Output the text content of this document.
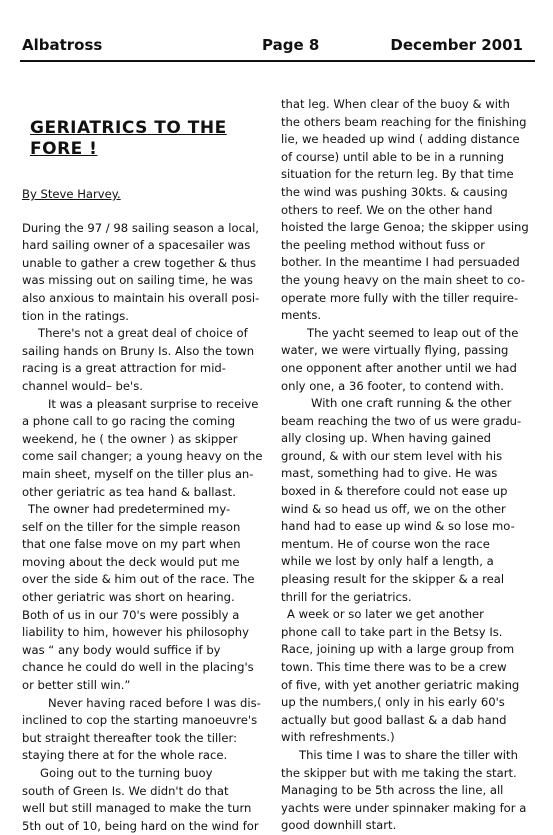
Albatross	Page 8	December 2001
GERIATRICS TO THE
FORE !
By Steve Harvey.

During the 97 / 98 sailing season a local,
hard sailing owner of a spacesailer was
unable to gather a crew together & thus
was missing out on sailing time, he was
also anxious to maintain his overall posi-
tion in the ratings.

There's not a great deal of choice of
sailing hands on Bruny Is. Also the town
racing is a great attraction for mid-
channel would– be's.

It was a pleasant surprise to receive
a phone call to go racing the coming
weekend, he ( the owner ) as skipper
come sail changer; a young heavy on the
main sheet, myself on the tiller plus an-
other geriatric as tea hand & ballast.

The owner had predetermined my-
self on the tiller for the simple reason
that one false move on my part when
moving about the deck would put me
over the side & him out of the race. The
other geriatric was short on hearing.
Both of us in our 70's were possibly a
liability to him, however his philosophy
was “ any body would suffice if by
chance he could do well in the placing's
or better still win.”

Never having raced before I was dis-
inclined to cop the starting manoeuvre's
but straight thereafter took the tiller:
staying there at for the whole race.

Going out to the turning buoy
south of Green Is. We didn't do that
well but still managed to make the turn
5th out of 10, being hard on the wind for

that leg. When clear of the buoy & with
the others beam reaching for the finishing
lie, we headed up wind ( adding distance
of course) until able to be in a running
situation for the return leg. By that time
the wind was pushing 30kts. & causing
others to reef. We on the other hand
hoisted the large Genoa; the skipper using
the peeling method without fuss or
bother. In the meantime I had persuaded
the young heavy on the main sheet to co-
operate more fully with the tiller require-
ments.

The yacht seemed to leap out of the
water, we were virtually flying, passing
one opponent after another until we had
only one, a 36 footer, to contend with.

With one craft running & the other
beam reaching the two of us were gradu-
ally closing up. When having gained
ground, & with our stem level with his
mast, something had to give. He was
boxed in & therefore could not ease up
wind & so head us off, we on the other
hand had to ease up wind & so lose mo-
mentum. He of course won the race
while we lost by only half a length, a
pleasing result for the skipper & a real
thrill for the geriatrics.

A week or so later we get another
phone call to take part in the Betsy Is.
Race, joining up with a large group from
town. This time there was to be a crew
of five, with yet another geriatric making
up the numbers,( only in his early 60's
actually but good ballast & a dab hand
with refreshments.)

This time I was to share the tiller with
the skipper but with me taking the start.
Managing to be 5th across the line, all
yachts were under spinnaker making for a
good downhill start.
